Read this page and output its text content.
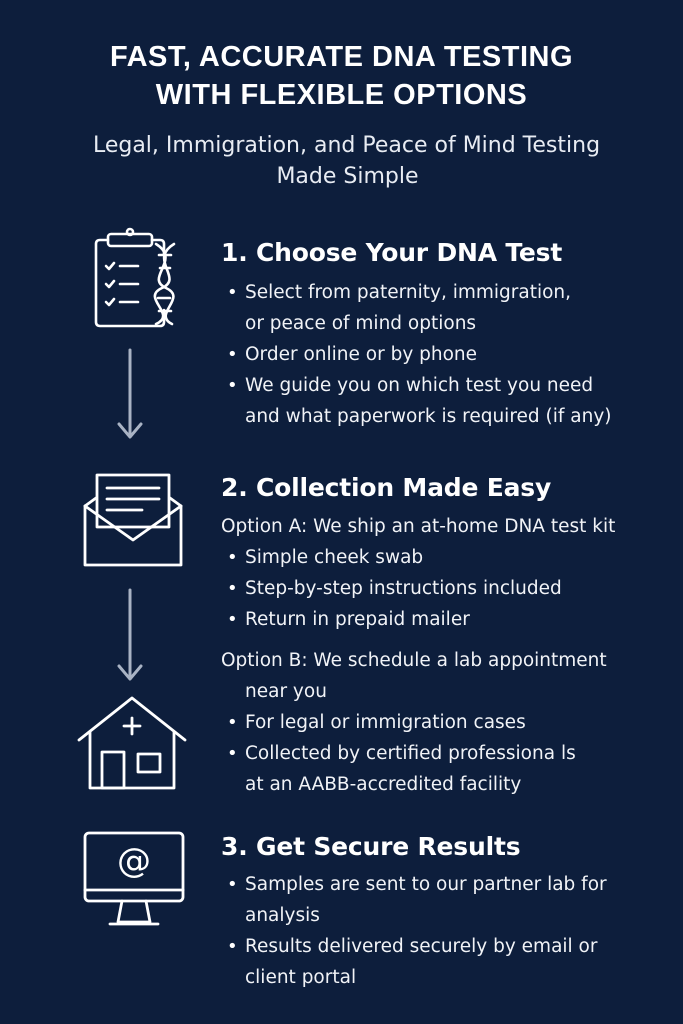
FAST, ACCURATE DNA TESTING
WITH FLEXIBLE OPTIONS
Legal, Immigration, and Peace of Mind Testing
Made Simple
@
1. Choose Your DNA Test
• Select from paternity, immigration,
or peace of mind options
• Order online or by phone
• We guide you on which test you need
and what paperwork is required (if any)
2. Collection Made Easy
Option A: We ship an at-home DNA test kit
• Simple cheek swab
• Step-by-step instructions included
• Return in prepaid mailer
Option B: We schedule a lab appointment
near you
• For legal or immigration cases
• Collected by certified professiona ls
at an AABB-accredited facility
3. Get Secure Results
• Samples are sent to our partner lab for
analysis
• Results delivered securely by email or
client portal
